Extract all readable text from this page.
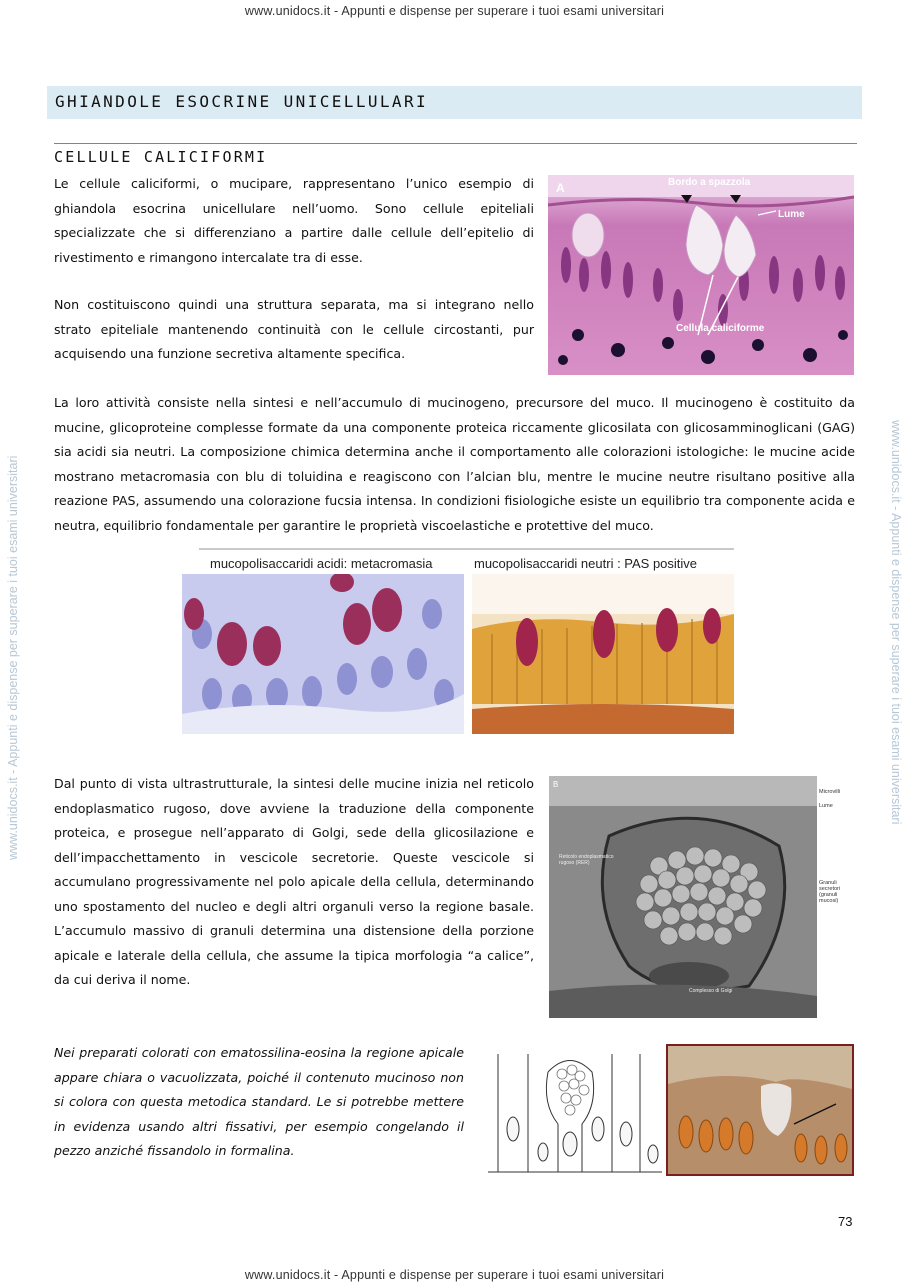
www.unidocs.it - Appunti e dispense per superare i tuoi esami universitari
www.unidocs.it - Appunti e dispense per superare i tuoi esami universitari
www.unidocs.it - Appunti e dispense per superare i tuoi esami universitari	www.unidocs.it - Appunti e dispense per superare i tuoi esami universitari
GHIANDOLE ESOCRINE UNICELLULARI
CELLULE CALICIFORMI
Le cellule caliciformi, o mucipare, rappresentano l’unico esempio di ghiandola esocrina unicellulare nell’uomo. Sono cellule epiteliali specializzate che si differenziano a partire dalle cellule dell’epitelio di rivestimento e rimangono intercalate tra di esse.
Non costituiscono quindi una struttura separata, ma si integrano nello strato epiteliale mantenendo continuità con le cellule circostanti, pur acquisendo una funzione secretiva altamente specifica.
A	Bordo a spazzola
Lume
Cellula caliciforme
La loro attività consiste nella sintesi e nell’accumulo di mucinogeno, precursore del muco. Il mucinogeno è costituito da mucine, glicoproteine complesse formate da una componente proteica riccamente glicosilata con glicosamminoglicani (GAG) sia acidi sia neutri. La composizione chimica determina anche il comportamento alle colorazioni istologiche: le mucine acide mostrano metacromasia con blu di toluidina e reagiscono con l’alcian blu, mentre le mucine neutre risultano positive alla reazione PAS, assumendo una colorazione fucsia intensa. In condizioni fisiologiche esiste un equilibrio tra componente acida e neutra, equilibrio fondamentale per garantire le proprietà viscoelastiche e protettive del muco.
mucopolisaccaridi acidi: metacromasia	mucopolisaccaridi neutri : PAS positive
Dal punto di vista ultrastrutturale, la sintesi delle mucine inizia nel reticolo endoplasmatico rugoso, dove avviene la traduzione della componente proteica, e prosegue nell’apparato di Golgi, sede della glicosilazione e dell’impacchettamento in vescicole secretorie. Queste vescicole si accumulano progressivamente nel polo apicale della cellula, determinando uno spostamento del nucleo e degli altri organuli verso la regione basale. L’accumulo massivo di granuli determina una distensione della porzione apicale e laterale della cellula, che assume la tipica morfologia “a calice”, da cui deriva il nome.
B
Microvilli
Lume
Reticolo endoplasmatico rugoso (RER)
Granuli secretori (granuli mucosi)
Complesso di Golgi
Nei preparati colorati con ematossilina-eosina la regione apicale appare chiara o vacuolizzata, poiché il contenuto mucinoso non si colora con questa metodica standard. Le si potrebbe mettere in evidenza usando altri fissativi, per esempio congelando il pezzo anziché fissandolo in formalina.
73
